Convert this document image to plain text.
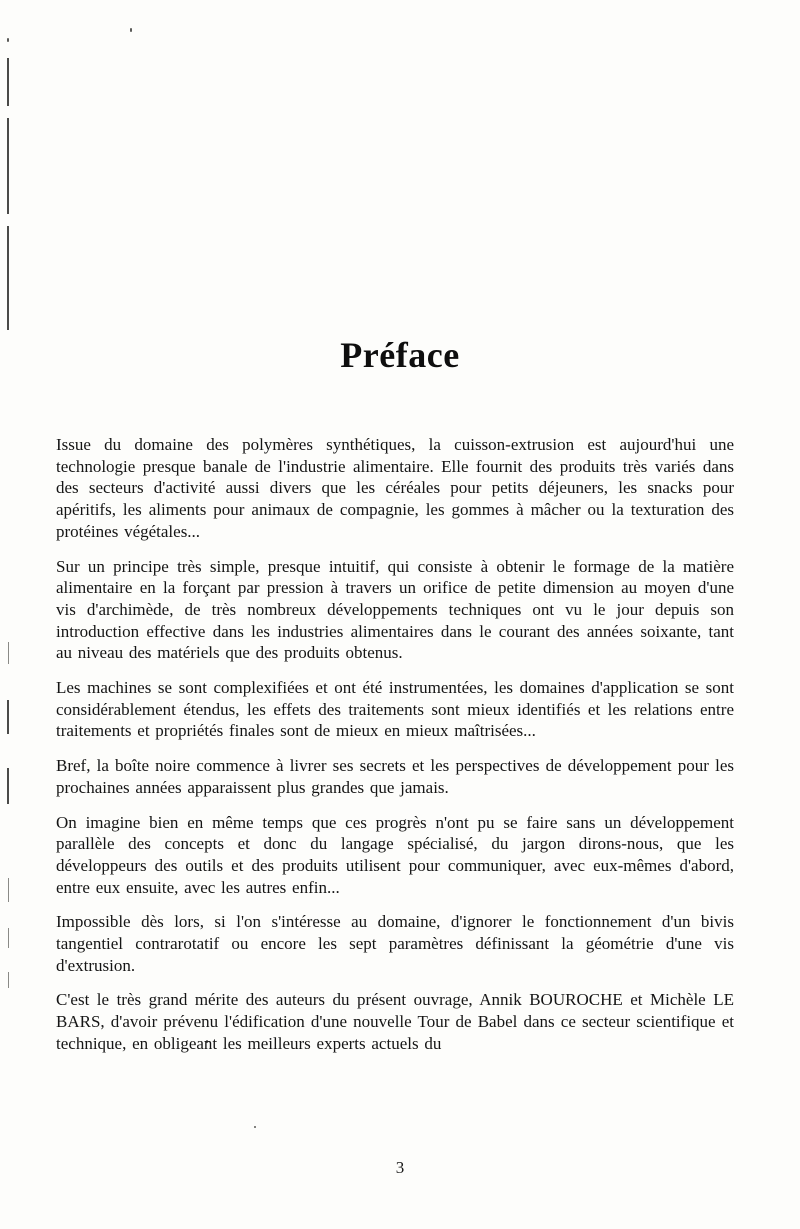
Préface

Issue du domaine des polymères synthétiques, la cuisson-extrusion est aujourd'hui une technologie presque banale de l'industrie alimentaire. Elle fournit des produits très variés dans des secteurs d'activité aussi divers que les céréales pour petits déjeuners, les snacks pour apéritifs, les aliments pour animaux de compagnie, les gommes à mâcher ou la texturation des protéines végétales...

Sur un principe très simple, presque intuitif, qui consiste à obtenir le formage de la matière alimentaire en la forçant par pression à travers un orifice de petite dimension au moyen d'une vis d'archimède, de très nombreux développements techniques ont vu le jour depuis son introduction effective dans les industries alimentaires dans le courant des années soixante, tant au niveau des matériels que des produits obtenus.

Les machines se sont complexifiées et ont été instrumentées, les domaines d'application se sont considérablement étendus, les effets des traitements sont mieux identifiés et les relations entre traitements et propriétés finales sont de mieux en mieux maîtrisées...

Bref, la boîte noire commence à livrer ses secrets et les perspectives de développement pour les prochaines années apparaissent plus grandes que jamais.

On imagine bien en même temps que ces progrès n'ont pu se faire sans un développement parallèle des concepts et donc du langage spécialisé, du jargon dirons-nous, que les développeurs des outils et des produits utilisent pour communiquer, avec eux-mêmes d'abord, entre eux ensuite, avec les autres enfin...

Impossible dès lors, si l'on s'intéresse au domaine, d'ignorer le fonctionnement d'un bivis tangentiel contrarotatif ou encore les sept paramètres définissant la géométrie d'une vis d'extrusion.

C'est le très grand mérite des auteurs du présent ouvrage, Annik BOUROCHE et Michèle LE BARS, d'avoir prévenu l'édification d'une nouvelle Tour de Babel dans ce secteur scientifique et technique, en obligeant les meilleurs experts actuels du

3
